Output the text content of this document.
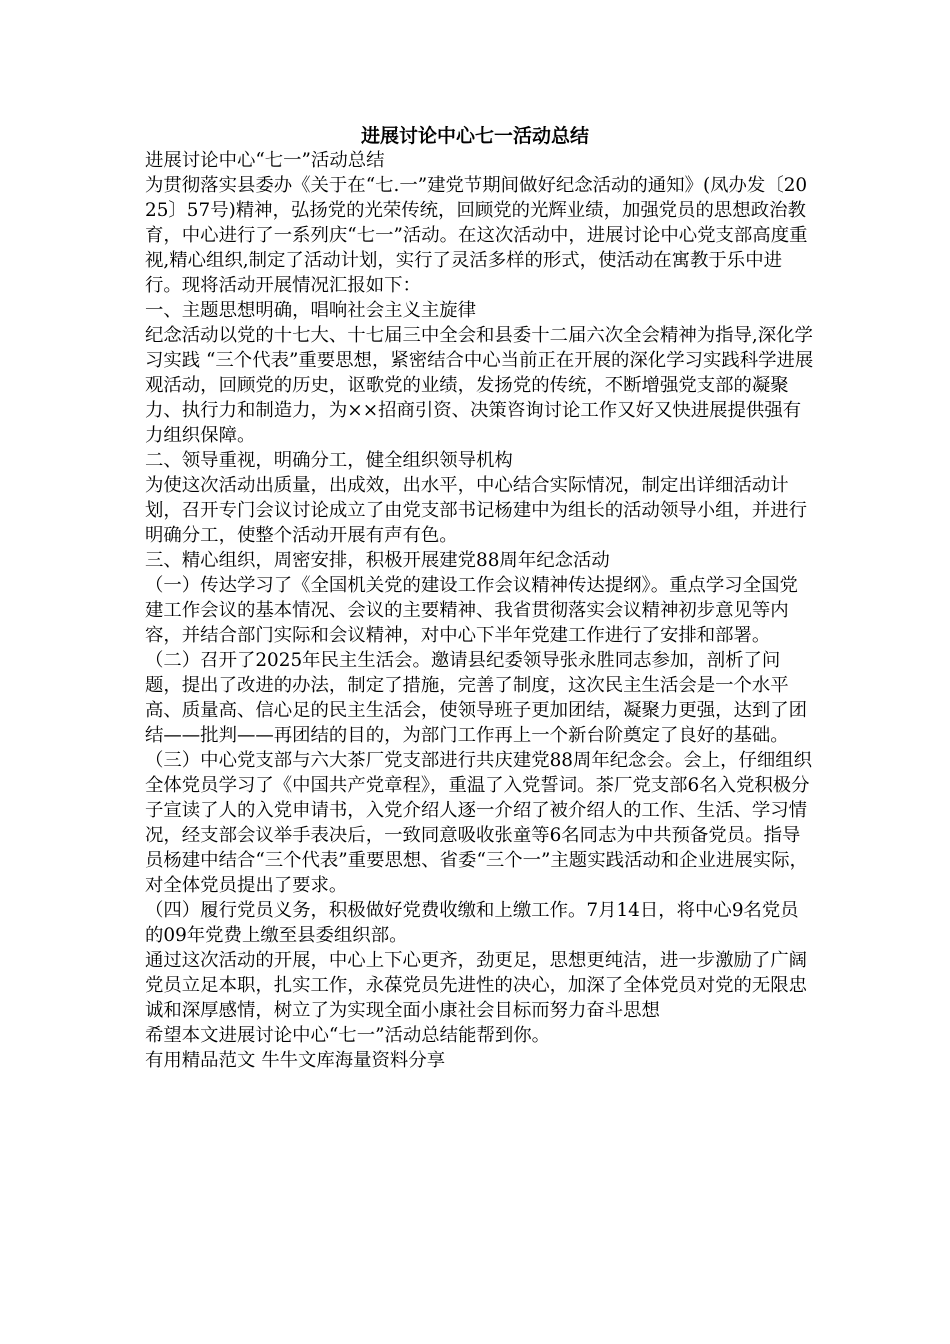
进展讨论中心七一活动总结

进展讨论中心“七一”活动总结

为贯彻落实县委办《关于在“七.一”建党节期间做好纪念活动的通知》(凤办发〔2025〕57号)精神，弘扬党的光荣传统，回顾党的光辉业绩，加强党员的思想政治教育，中心进行了一系列庆“七一”活动。在这次活动中，进展讨论中心党支部高度重视,精心组织,制定了活动计划，实行了灵活多样的形式，使活动在寓教于乐中进行。现将活动开展情况汇报如下：

一、主题思想明确，唱响社会主义主旋律

纪念活动以党的十七大、十七届三中全会和县委十二届六次全会精神为指导,深化学习实践 “三个代表”重要思想，紧密结合中心当前正在开展的深化学习实践科学进展观活动，回顾党的历史，讴歌党的业绩，发扬党的传统，不断增强党支部的凝聚力、执行力和制造力，为××招商引资、决策咨询讨论工作又好又快进展提供强有力组织保障。

二、领导重视，明确分工，健全组织领导机构

为使这次活动出质量，出成效，出水平，中心结合实际情况，制定出详细活动计划，召开专门会议讨论成立了由党支部书记杨建中为组长的活动领导小组，并进行明确分工，使整个活动开展有声有色。

三、精心组织，周密安排，积极开展建党88周年纪念活动

（一）传达学习了《全国机关党的建设工作会议精神传达提纲》。重点学习全国党建工作会议的基本情况、会议的主要精神、我省贯彻落实会议精神初步意见等内容，并结合部门实际和会议精神，对中心下半年党建工作进行了安排和部署。

（二）召开了2025年民主生活会。邀请县纪委领导张永胜同志参加，剖析了问题，提出了改进的办法，制定了措施，完善了制度，这次民主生活会是一个水平高、质量高、信心足的民主生活会，使领导班子更加团结，凝聚力更强，达到了团结——批判——再团结的目的，为部门工作再上一个新台阶奠定了良好的基础。

（三）中心党支部与六大茶厂党支部进行共庆建党88周年纪念会。会上，仔细组织全体党员学习了《中国共产党章程》，重温了入党誓词。茶厂党支部6名入党积极分子宣读了人的入党申请书，入党介绍人逐一介绍了被介绍人的工作、生活、学习情况，经支部会议举手表决后，一致同意吸收张童等6名同志为中共预备党员。指导员杨建中结合“三个代表”重要思想、省委“三个一”主题实践活动和企业进展实际，对全体党员提出了要求。

（四）履行党员义务，积极做好党费收缴和上缴工作。7月14日，将中心9名党员的09年党费上缴至县委组织部。

通过这次活动的开展，中心上下心更齐，劲更足，思想更纯洁，进一步激励了广阔党员立足本职，扎实工作，永葆党员先进性的决心，加深了全体党员对党的无限忠诚和深厚感情，树立了为实现全面小康社会目标而努力奋斗思想

希望本文进展讨论中心“七一”活动总结能帮到你。

有用精品范文 牛牛文库海量资料分享
